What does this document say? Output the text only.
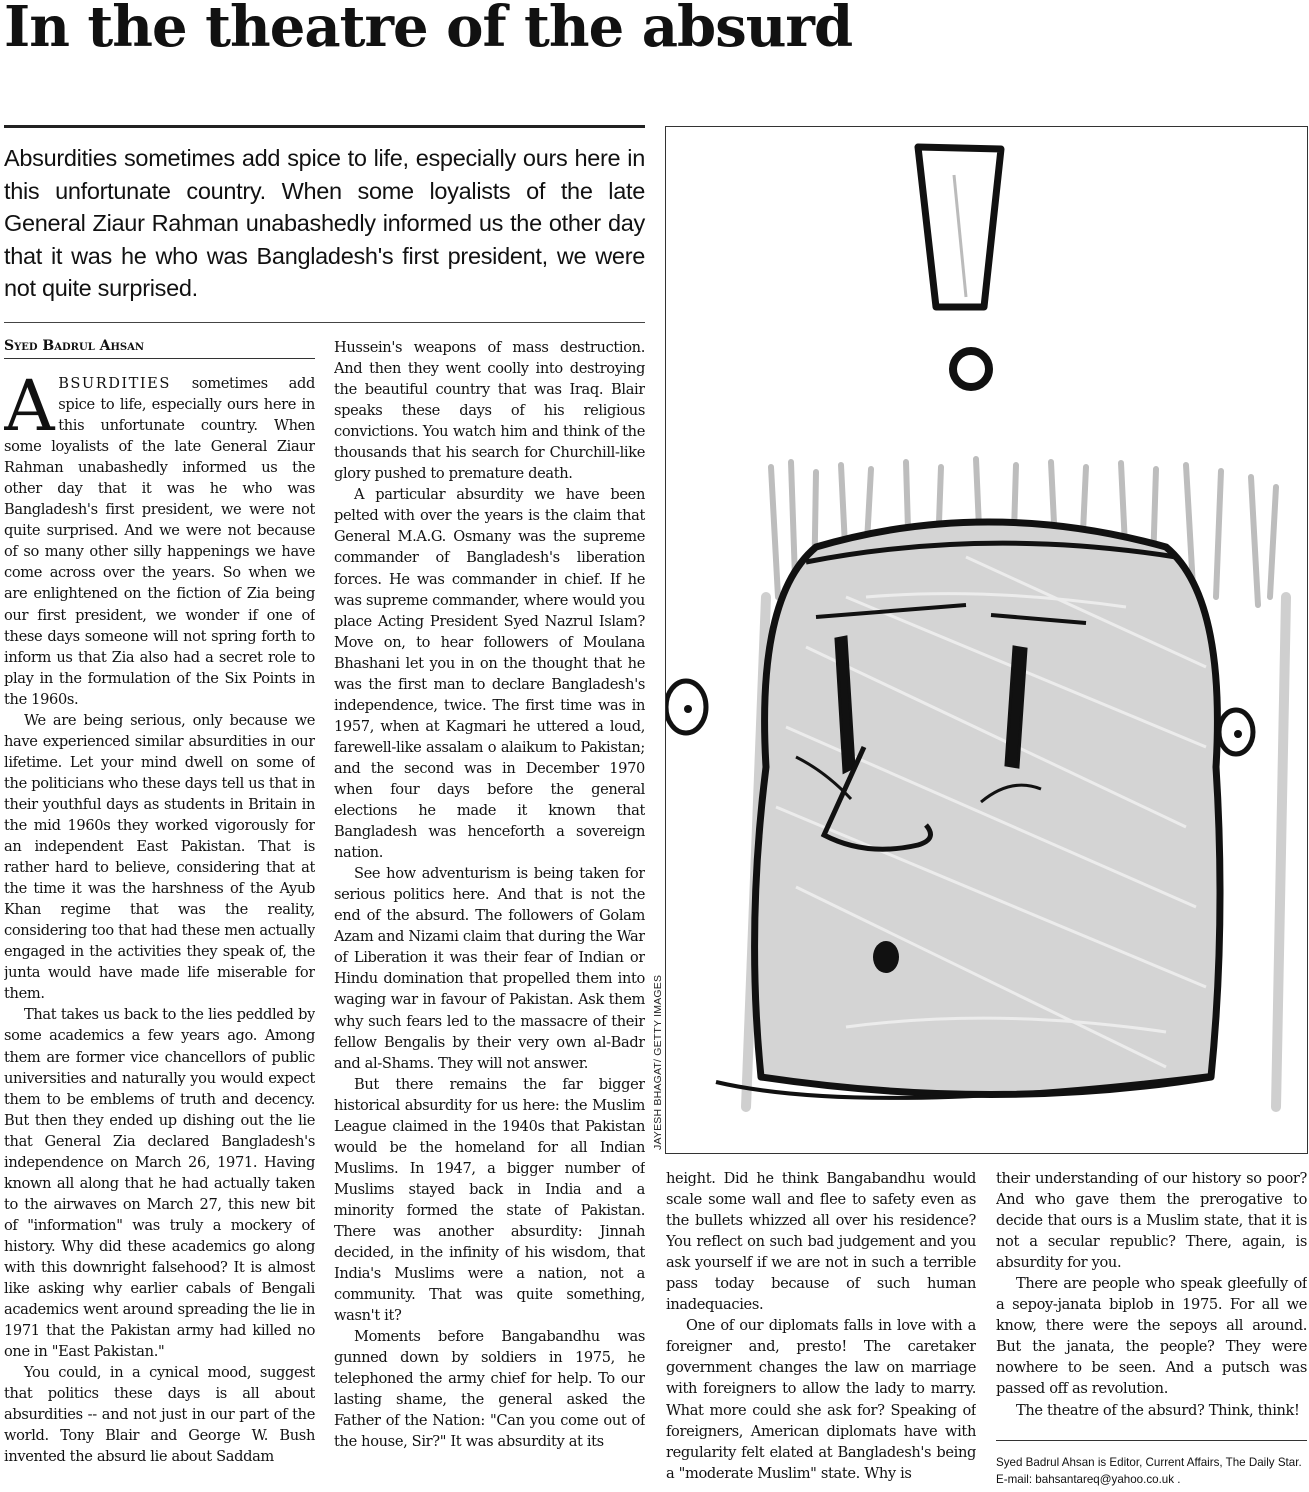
In the theatre of the absurd

Absurdities sometimes add spice to life, especially ours here in this unfortunate country. When some loyalists of the late General Ziaur Rahman unabashedly informed us the other day that it was he who was Bangladesh's first president, we were not quite surprised.

Syed Badrul Ahsan

ABSURDITIES sometimes add spice to life, especially ours here in this unfortunate country. When some loyalists of the late General Ziaur Rahman unabashedly informed us the other day that it was he who was Bangladesh's first president, we were not quite surprised. And we were not because of so many other silly happenings we have come across over the years. So when we are enlightened on the fiction of Zia being our first president, we wonder if one of these days someone will not spring forth to inform us that Zia also had a secret role to play in the formulation of the Six Points in the 1960s.

We are being serious, only because we have experienced similar absurdities in our lifetime. Let your mind dwell on some of the politicians who these days tell us that in their youthful days as students in Britain in the mid 1960s they worked vigorously for an independent East Pakistan. That is rather hard to believe, considering that at the time it was the harshness of the Ayub Khan regime that was the reality, considering too that had these men actually engaged in the activities they speak of, the junta would have made life miserable for them.

That takes us back to the lies peddled by some academics a few years ago. Among them are former vice chancellors of public universities and naturally you would expect them to be emblems of truth and decency. But then they ended up dishing out the lie that General Zia declared Bangladesh's independence on March 26, 1971. Having known all along that he had actually taken to the airwaves on March 27, this new bit of "information" was truly a mockery of history. Why did these academics go along with this downright falsehood? It is almost like asking why earlier cabals of Bengali academics went around spreading the lie in 1971 that the Pakistan army had killed no one in "East Pakistan."

You could, in a cynical mood, suggest that politics these days is all about absurdities -- and not just in our part of the world. Tony Blair and George W. Bush invented the absurd lie about Saddam

Hussein's weapons of mass destruction. And then they went coolly into destroying the beautiful country that was Iraq. Blair speaks these days of his religious convictions. You watch him and think of the thousands that his search for Churchill-like glory pushed to premature death.

A particular absurdity we have been pelted with over the years is the claim that General M.A.G. Osmany was the supreme commander of Bangladesh's liberation forces. He was commander in chief. If he was supreme commander, where would you place Acting President Syed Nazrul Islam? Move on, to hear followers of Moulana Bhashani let you in on the thought that he was the first man to declare Bangladesh's independence, twice. The first time was in 1957, when at Kagmari he uttered a loud, farewell-like assalam o alaikum to Pakistan; and the second was in December 1970 when four days before the general elections he made it known that Bangladesh was henceforth a sovereign nation.

See how adventurism is being taken for serious politics here. And that is not the end of the absurd. The followers of Golam Azam and Nizami claim that during the War of Liberation it was their fear of Indian or Hindu domination that propelled them into waging war in favour of Pakistan. Ask them why such fears led to the massacre of their fellow Bengalis by their very own al-Badr and al-Shams. They will not answer.

But there remains the far bigger historical absurdity for us here: the Muslim League claimed in the 1940s that Pakistan would be the homeland for all Indian Muslims. In 1947, a bigger number of Muslims stayed back in India and a minority formed the state of Pakistan. There was another absurdity: Jinnah decided, in the infinity of his wisdom, that India's Muslims were a nation, not a community. That was quite something, wasn't it?

Moments before Bangabandhu was gunned down by soldiers in 1975, he telephoned the army chief for help. To our lasting shame, the general asked the Father of the Nation: "Can you come out of the house, Sir?" It was absurdity at its

JAYESH BHAGAT/ GETTY IMAGES

height. Did he think Bangabandhu would scale some wall and flee to safety even as the bullets whizzed all over his residence? You reflect on such bad judgement and you ask yourself if we are not in such a terrible pass today because of such human inadequacies.

One of our diplomats falls in love with a foreigner and, presto! The caretaker government changes the law on marriage with foreigners to allow the lady to marry. What more could she ask for? Speaking of foreigners, American diplomats have with regularity felt elated at Bangladesh's being a "moderate Muslim" state. Why is

their understanding of our history so poor? And who gave them the prerogative to decide that ours is a Muslim state, that it is not a secular republic? There, again, is absurdity for you.

There are people who speak gleefully of a sepoy-janata biplob in 1975. For all we know, there were the sepoys all around. But the janata, the people? They were nowhere to be seen. And a putsch was passed off as revolution.

The theatre of the absurd? Think, think!

Syed Badrul Ahsan is Editor, Current Affairs, The Daily Star.
E-mail: bahsantareq@yahoo.co.uk .
